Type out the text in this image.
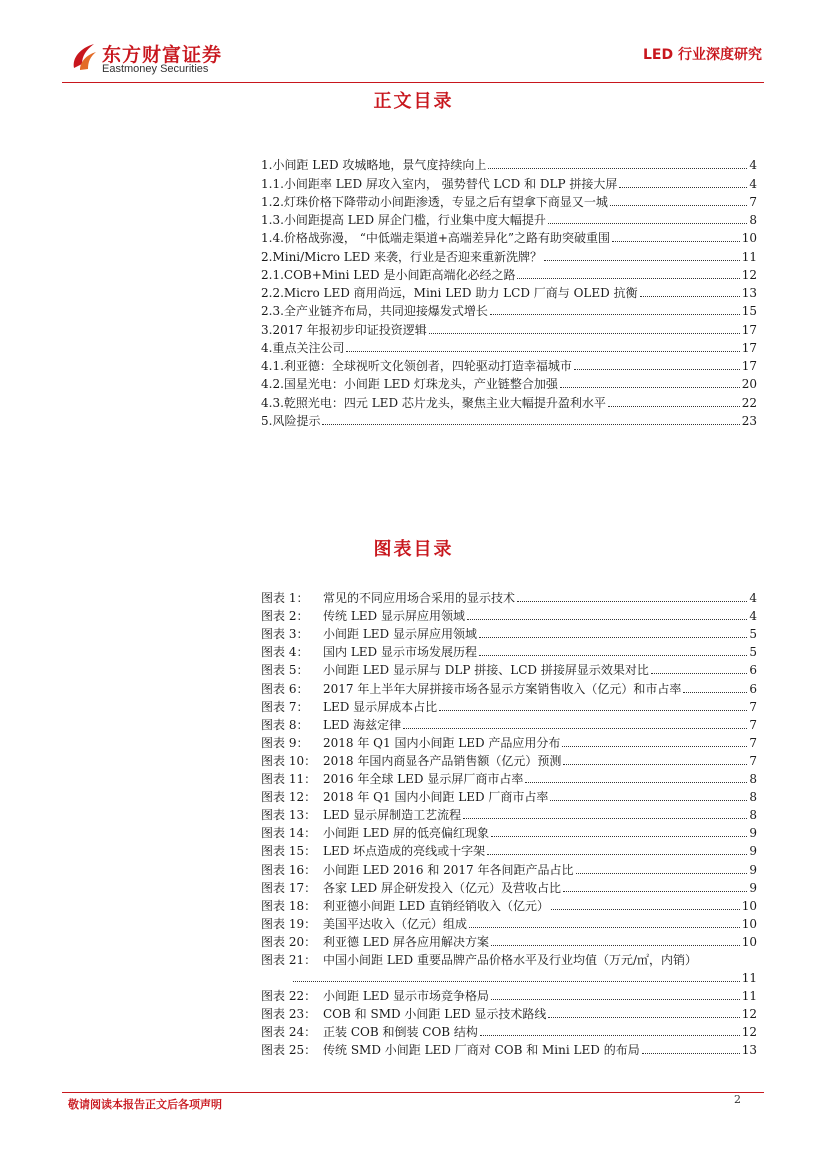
东方财富证券
Eastmoney Securities
LED 行业深度研究
正文目录
1.小间距 LED 攻城略地，景气度持续向上	4
1.1.小间距率 LED 屏攻入室内， 强势替代 LCD 和 DLP 拼接大屏	4
1.2.灯珠价格下降带动小间距渗透，专显之后有望拿下商显又一城	7
1.3.小间距提高 LED 屏企门槛，行业集中度大幅提升	8
1.4.价格战弥漫， “中低端走渠道+高端差异化”之路有助突破重围	10
2.Mini/Micro LED 来袭，行业是否迎来重新洗牌？	11
2.1.COB+Mini LED 是小间距高端化必经之路	12
2.2.Micro LED 商用尚远，Mini LED 助力 LCD 厂商与 OLED 抗衡	13
2.3.全产业链齐布局，共同迎接爆发式增长	15
3.2017 年报初步印证投资逻辑	17
4.重点关注公司	17
4.1.利亚德：全球视听文化领创者，四轮驱动打造幸福城市	17
4.2.国星光电：小间距 LED 灯珠龙头，产业链整合加强	20
4.3.乾照光电：四元 LED 芯片龙头，聚焦主业大幅提升盈利水平	22
5.风险提示	23
图表目录
图表 1：	常见的不同应用场合采用的显示技术	4
图表 2：	传统 LED 显示屏应用领域	4
图表 3：	小间距 LED 显示屏应用领域	5
图表 4：	国内 LED 显示市场发展历程	5
图表 5：	小间距 LED 显示屏与 DLP 拼接、LCD 拼接屏显示效果对比	6
图表 6：	2017 年上半年大屏拼接市场各显示方案销售收入（亿元）和市占率	6
图表 7：	LED 显示屏成本占比	7
图表 8：	LED 海兹定律	7
图表 9：	2018 年 Q1 国内小间距 LED 产品应用分布	7
图表 10： 2018 年国内商显各产品销售额（亿元）预测	7
图表 11： 2016 年全球 LED 显示屏厂商市占率	8
图表 12： 2018 年 Q1 国内小间距 LED 厂商市占率	8
图表 13： LED 显示屏制造工艺流程	8
图表 14： 小间距 LED 屏的低亮偏红现象	9
图表 15： LED 坏点造成的亮线或十字架	9
图表 16： 小间距 LED 2016 和 2017 年各间距产品占比	9
图表 17： 各家 LED 屏企研发投入（亿元）及营收占比	9
图表 18： 利亚德小间距 LED 直销经销收入（亿元）	10
图表 19： 美国平达收入（亿元）组成	10
图表 20： 利亚德 LED 屏各应用解决方案	10
图表 21： 中国小间距 LED 重要品牌产品价格水平及行业均值（万元/㎡，内销）
11
图表 22： 小间距 LED 显示市场竞争格局	11
图表 23： COB 和 SMD 小间距 LED 显示技术路线	12
图表 24： 正装 COB 和倒装 COB 结构	12
图表 25： 传统 SMD 小间距 LED 厂商对 COB 和 Mini LED 的布局	13
敬请阅读本报告正文后各项声明	2
